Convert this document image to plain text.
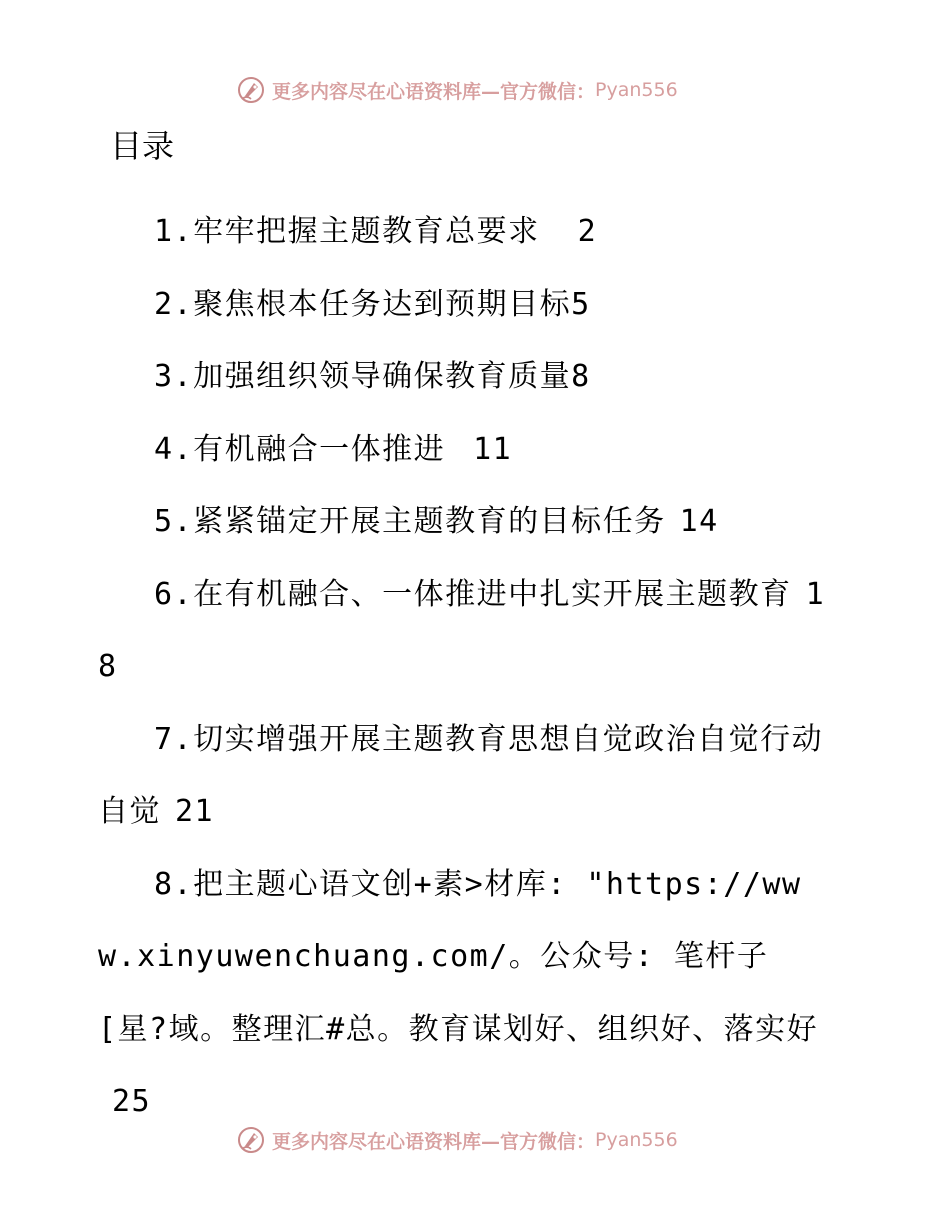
更多内容尽在心语资料库—官方微信： Pyan556
目录
1.牢牢把握主题教育总要求 2
2.聚焦根本任务达到预期目标5
3.加强组织领导确保教育质量8
4.有机融合一体推进 11
5.紧紧锚定开展主题教育的目标任务 14
6.在有机融合、一体推进中扎实开展主题教育 18
7.切实增强开展主题教育思想自觉政治自觉行动自觉 21
8.把主题心语文创+素>材库: "https://www.xinyuwenchuang.com/。公众号: 笔杆子[星?域。整理汇#总。教育谋划好、组织好、落实好25
更多内容尽在心语资料库—官方微信： Pyan556
